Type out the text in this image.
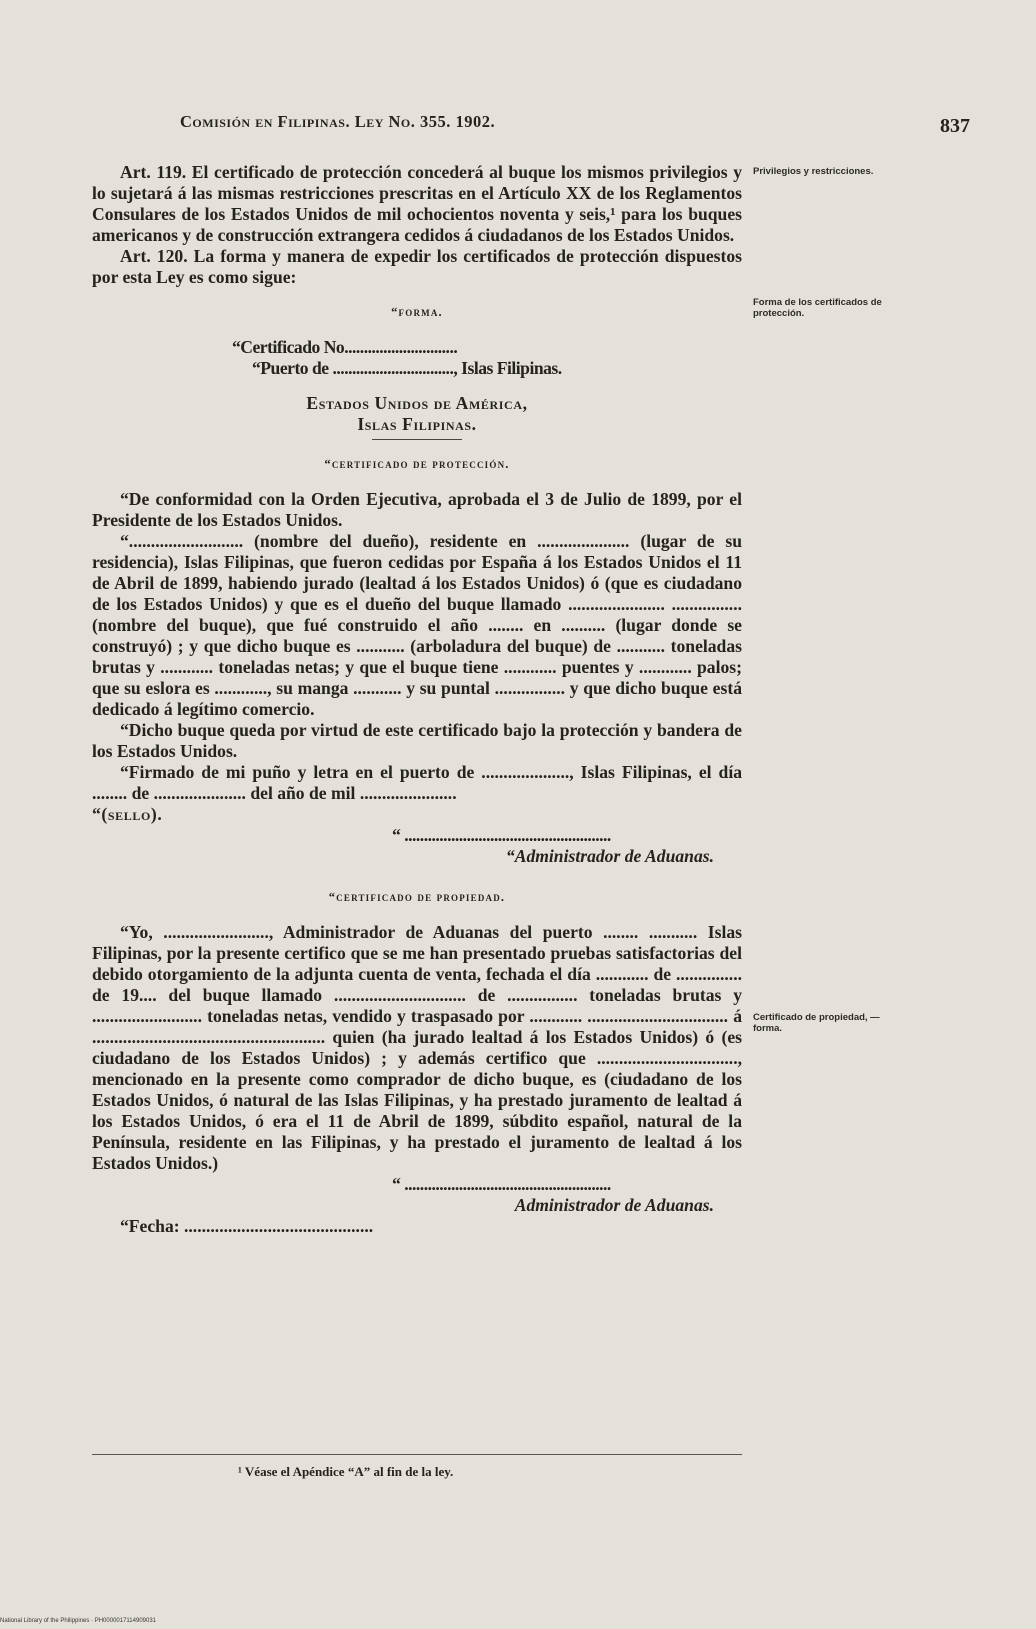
Comisión en Filipinas. Ley No. 355. 1902.	837
Privilegios y restricciones.
Forma de los certificados de protección.
Certificado de propiedad, —forma.

Art. 119. El certificado de protección concederá al buque los mismos privilegios y lo sujetará á las mismas restricciones prescritas en el Artículo XX de los Reglamentos Consulares de los Estados Unidos de mil ochocientos noventa y seis,¹ para los buques americanos y de construcción extrangera cedidos á ciudadanos de los Estados Unidos.

Art. 120. La forma y manera de expedir los certificados de protección dispuestos por esta Ley es como sigue:

“forma.

“Certificado No.............................

“Puerto de ..............................., Islas Filipinas.

Estados Unidos de América,

Islas Filipinas.

“certificado de protección.

“De conformidad con la Orden Ejecutiva, aprobada el 3 de Julio de 1899, por el Presidente de los Estados Unidos.

“.......................... (nombre del dueño), residente en ..................... (lugar de su residencia), Islas Filipinas, que fueron cedidas por España á los Estados Unidos el 11 de Abril de 1899, habiendo jurado (lealtad á los Estados Unidos) ó (que es ciudadano de los Estados Unidos) y que es el dueño del buque llamado ...................... ................ (nombre del buque), que fué construido el año ........ en .......... (lugar donde se construyó) ; y que dicho buque es ........... (arboladura del buque) de ........... toneladas brutas y ............ toneladas netas; y que el buque tiene ............ puentes y ............ palos; que su eslora es ............, su manga ........... y su puntal ................ y que dicho buque está dedicado á legítimo comercio.

“Dicho buque queda por virtud de este certificado bajo la protección y bandera de los Estados Unidos.

“Firmado de mi puño y letra en el puerto de ...................., Islas Filipinas, el día ........ de ..................... del año de mil ......................

“(sello).

“ .....................................................

“Administrador de Aduanas.

“certificado de propiedad.

“Yo, ........................, Administrador de Aduanas del puerto ........ ........... Islas Filipinas, por la presente certifico que se me han presentado pruebas satisfactorias del debido otorgamiento de la adjunta cuenta de venta, fechada el día ............ de ............... de 19.... del buque llamado .............................. de ................ toneladas brutas y ......................... toneladas netas, vendido y traspasado por ............ ................................ á ..................................................... quien (ha jurado lealtad á los Estados Unidos) ó (es ciudadano de los Estados Unidos) ; y además certifico que ................................, mencionado en la presente como comprador de dicho buque, es (ciudadano de los Estados Unidos, ó natural de las Islas Filipinas, y ha prestado juramento de lealtad á los Estados Unidos, ó era el 11 de Abril de 1899, súbdito español, natural de la Península, residente en las Filipinas, y ha prestado el juramento de lealtad á los Estados Unidos.)

“ .....................................................

Administrador de Aduanas.

“Fecha: ...........................................

¹ Véase el Apéndice “A” al fin de la ley.
National Library of the Philippines · PH0000017114909031
